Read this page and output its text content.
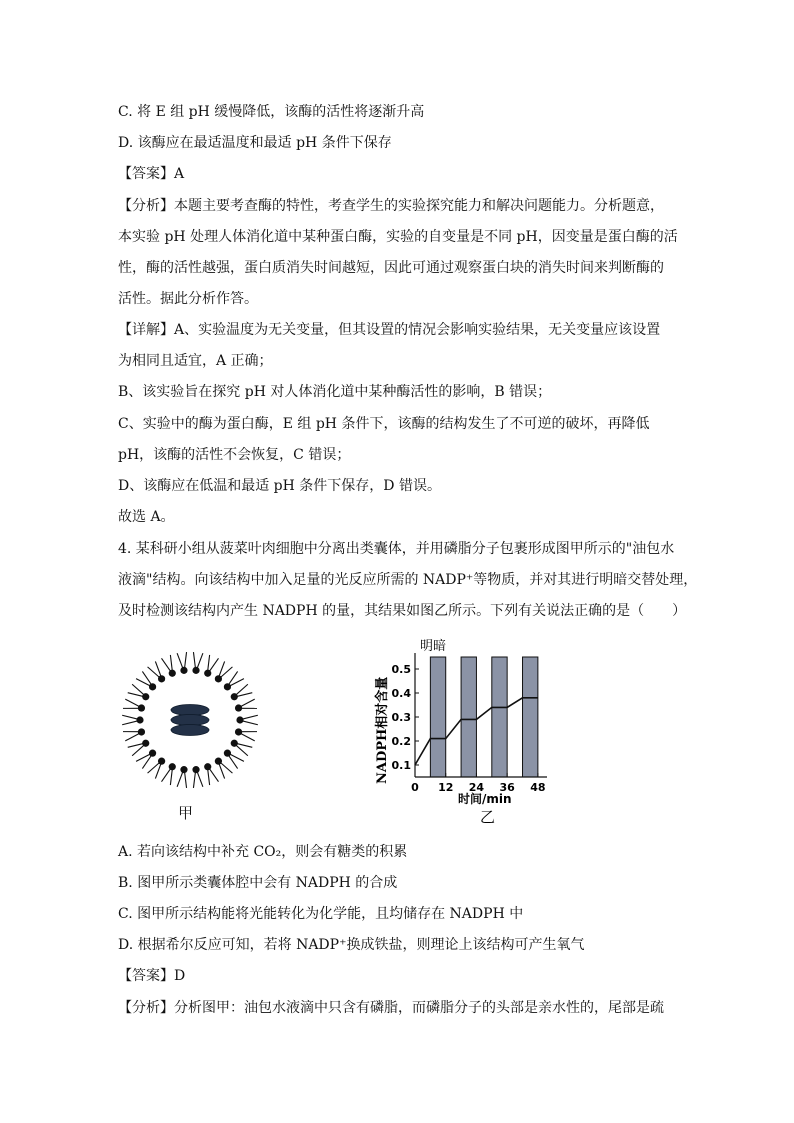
C. 将 E 组 pH 缓慢降低，该酶的活性将逐渐升高
D. 该酶应在最适温度和最适 pH 条件下保存
【答案】A
【分析】本题主要考查酶的特性，考查学生的实验探究能力和解决问题能力。分析题意，
本实验 pH 处理人体消化道中某种蛋白酶，实验的自变量是不同 pH，因变量是蛋白酶的活
性，酶的活性越强，蛋白质消失时间越短，因此可通过观察蛋白块的消失时间来判断酶的
活性。据此分析作答。
【详解】A、实验温度为无关变量，但其设置的情况会影响实验结果，无关变量应该设置
为相同且适宜，A 正确；
B、该实验旨在探究 pH 对人体消化道中某种酶活性的影响，B 错误；
C、实验中的酶为蛋白酶，E 组 pH 条件下，该酶的结构发生了不可逆的破坏，再降低
pH，该酶的活性不会恢复，C 错误；
D、该酶应在低温和最适 pH 条件下保存，D 错误。
故选 A。
4. 某科研小组从菠菜叶肉细胞中分离出类囊体，并用磷脂分子包裹形成图甲所示的"油包水
液滴"结构。向该结构中加入足量的光反应所需的 NADP⁺等物质，并对其进行明暗交替处理，
及时检测该结构内产生 NADPH 的量，其结果如图乙所示。下列有关说法正确的是（　　）
甲
明暗
NADPH相对含量
时间/min
乙
0.1
0.2
0.3
0.4
0.5
0 12 24 36 48
A. 若向该结构中补充 CO₂，则会有糖类的积累
B. 图甲所示类囊体腔中会有 NADPH 的合成
C. 图甲所示结构能将光能转化为化学能，且均储存在 NADPH 中
D. 根据希尔反应可知，若将 NADP⁺换成铁盐，则理论上该结构可产生氧气
【答案】D
【分析】分析图甲：油包水液滴中只含有磷脂，而磷脂分子的头部是亲水性的，尾部是疏
